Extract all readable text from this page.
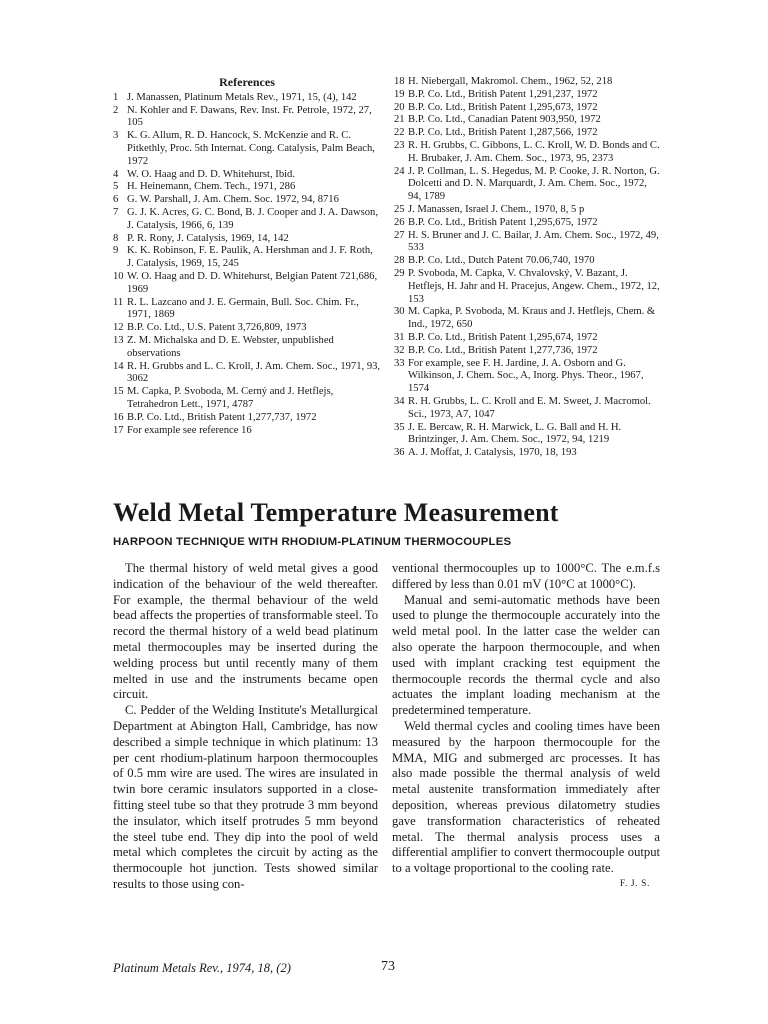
References
1 J. Manassen, Platinum Metals Rev., 1971, 15, (4), 142
2 N. Kohler and F. Dawans, Rev. Inst. Fr. Petrole, 1972, 27, 105
3 K. G. Allum, R. D. Hancock, S. McKenzie and R. C. Pitkethly, Proc. 5th Internat. Cong. Catalysis, Palm Beach, 1972
4 W. O. Haag and D. D. Whitehurst, Ibid.
5 H. Heinemann, Chem. Tech., 1971, 286
6 G. W. Parshall, J. Am. Chem. Soc. 1972, 94, 8716
7 G. J. K. Acres, G. C. Bond, B. J. Cooper and J. A. Dawson, J. Catalysis, 1966, 6, 139
8 P. R. Rony, J. Catalysis, 1969, 14, 142
9 K. K. Robinson, F. E. Paulik, A. Hershman and J. F. Roth, J. Catalysis, 1969, 15, 245
10 W. O. Haag and D. D. Whitehurst, Belgian Patent 721,686, 1969
11 R. L. Lazcano and J. E. Germain, Bull. Soc. Chim. Fr., 1971, 1869
12 B.P. Co. Ltd., U.S. Patent 3,726,809, 1973
13 Z. M. Michalska and D. E. Webster, unpublished observations
14 R. H. Grubbs and L. C. Kroll, J. Am. Chem. Soc., 1971, 93, 3062
15 M. Capka, P. Svoboda, M. Cerný and J. Hetflejs, Tetrahedron Lett., 1971, 4787
16 B.P. Co. Ltd., British Patent 1,277,737, 1972
17 For example see reference 16
18 H. Niebergall, Makromol. Chem., 1962, 52, 218
19 B.P. Co. Ltd., British Patent 1,291,237, 1972
20 B.P. Co. Ltd., British Patent 1,295,673, 1972
21 B.P. Co. Ltd., Canadian Patent 903,950, 1972
22 B.P. Co. Ltd., British Patent 1,287,566, 1972
23 R. H. Grubbs, C. Gibbons, L. C. Kroll, W. D. Bonds and C. H. Brubaker, J. Am. Chem. Soc., 1973, 95, 2373
24 J. P. Collman, L. S. Hegedus, M. P. Cooke, J. R. Norton, G. Dolcetti and D. N. Marquardt, J. Am. Chem. Soc., 1972, 94, 1789
25 J. Manassen, Israel J. Chem., 1970, 8, 5 p
26 B.P. Co. Ltd., British Patent 1,295,675, 1972
27 H. S. Bruner and J. C. Bailar, J. Am. Chem. Soc., 1972, 49, 533
28 B.P. Co. Ltd., Dutch Patent 70.06,740, 1970
29 P. Svoboda, M. Capka, V. Chvalovský, V. Bazant, J. Hetflejs, H. Jahr and H. Pracejus, Angew. Chem., 1972, 12, 153
30 M. Capka, P. Svoboda, M. Kraus and J. Hetflejs, Chem. & Ind., 1972, 650
31 B.P. Co. Ltd., British Patent 1,295,674, 1972
32 B.P. Co. Ltd., British Patent 1,277,736, 1972
33 For example, see F. H. Jardine, J. A. Osborn and G. Wilkinson, J. Chem. Soc., A, Inorg. Phys. Theor., 1967, 1574
34 R. H. Grubbs, L. C. Kroll and E. M. Sweet, J. Macromol. Sci., 1973, A7, 1047
35 J. E. Bercaw, R. H. Marwick, L. G. Ball and H. H. Brintzinger, J. Am. Chem. Soc., 1972, 94, 1219
36 A. J. Moffat, J. Catalysis, 1970, 18, 193
Weld Metal Temperature Measurement
HARPOON TECHNIQUE WITH RHODIUM-PLATINUM THERMOCOUPLES

The thermal history of weld metal gives a good indication of the behaviour of the weld thereafter. For example, the thermal behaviour of the weld bead affects the properties of transformable steel. To record the thermal history of a weld bead platinum metal thermocouples may be inserted during the welding process but until recently many of them melted in use and the instruments became open circuit.

C. Pedder of the Welding Institute's Metallurgical Department at Abington Hall, Cambridge, has now described a simple technique in which platinum: 13 per cent rhodium-platinum harpoon thermocouples of 0.5 mm wire are used. The wires are insulated in twin bore ceramic insulators supported in a close-fitting steel tube so that they protrude 3 mm beyond the insulator, which itself protrudes 5 mm beyond the steel tube end. They dip into the pool of weld metal which completes the circuit by acting as the thermocouple hot junction. Tests showed similar results to those using con-

ventional thermocouples up to 1000°C. The e.m.f.s differed by less than 0.01 mV (10°C at 1000°C).

Manual and semi-automatic methods have been used to plunge the thermocouple accurately into the weld metal pool. In the latter case the welder can also operate the harpoon thermocouple, and when used with implant cracking test equipment the thermocouple records the thermal cycle and also actuates the implant loading mechanism at the predetermined temperature.

Weld thermal cycles and cooling times have been measured by the harpoon thermocouple for the MMA, MIG and submerged arc processes. It has also made possible the thermal analysis of weld metal austenite transformation immediately after deposition, whereas previous dilatometry studies gave transformation characteristics of reheated metal. The thermal analysis process uses a differential amplifier to convert thermocouple output to a voltage proportional to the cooling rate.
F. J. S.

Platinum Metals Rev., 1974, 18, (2)	73
